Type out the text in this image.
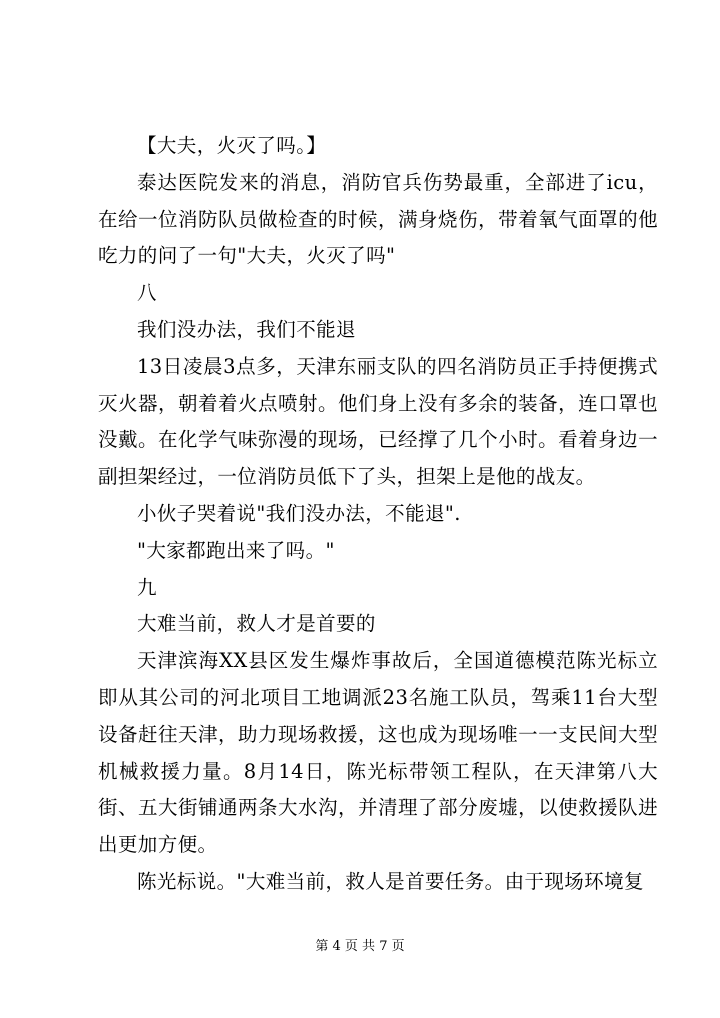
【大夫，火灭了吗。】

泰达医院发来的消息，消防官兵伤势最重，全部进了icu，在给一位消防队员做检查的时候，满身烧伤，带着氧气面罩的他吃力的问了一句"大夫，火灭了吗"

八

我们没办法，我们不能退

13日凌晨3点多，天津东丽支队的四名消防员正手持便携式灭火器，朝着着火点喷射。他们身上没有多余的装备，连口罩也没戴。在化学气味弥漫的现场，已经撑了几个小时。看着身边一副担架经过，一位消防员低下了头，担架上是他的战友。

小伙子哭着说"我们没办法，不能退".

"大家都跑出来了吗。"

九

大难当前，救人才是首要的

天津滨海XX县区发生爆炸事故后，全国道德模范陈光标立即从其公司的河北项目工地调派23名施工队员，驾乘11台大型设备赶往天津，助力现场救援，这也成为现场唯一一支民间大型机械救援力量。8月14日，陈光标带领工程队，在天津第八大街、五大街铺通两条大水沟，并清理了部分废墟，以使救援队进出更加方便。

陈光标说。"大难当前，救人是首要任务。由于现场环境复

第 4 页 共 7 页
